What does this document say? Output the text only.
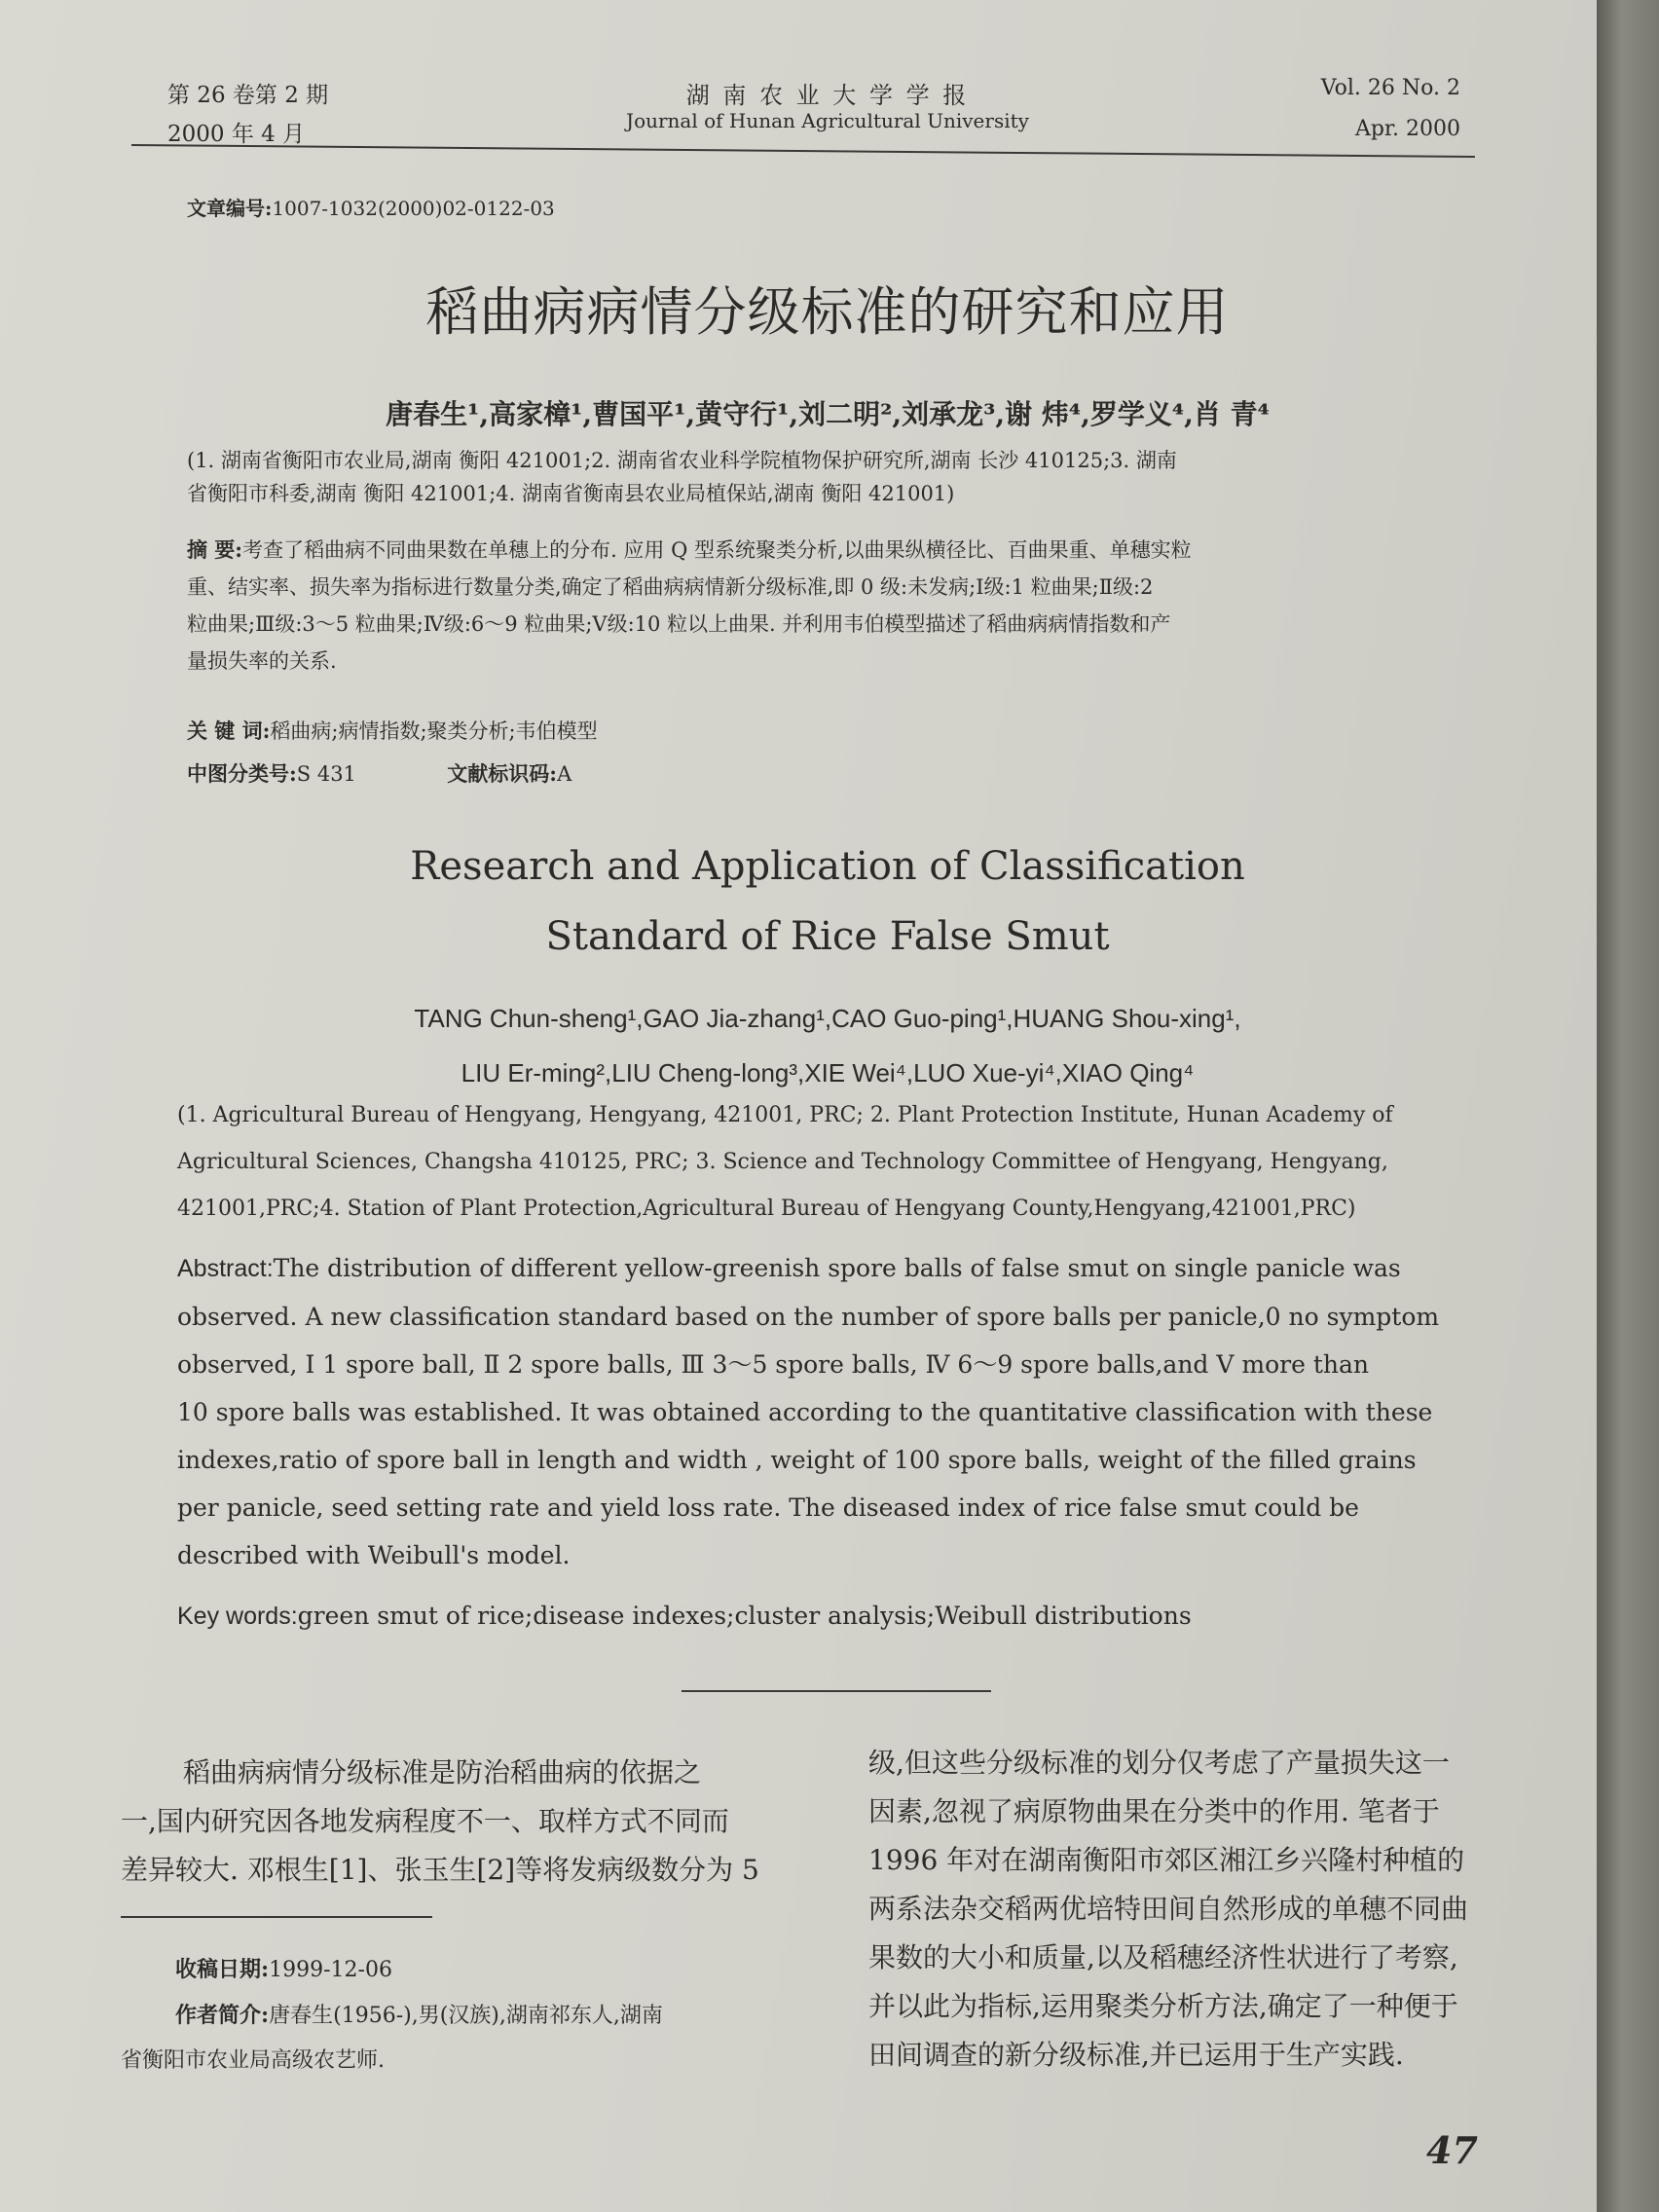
第 26 卷第 2 期
2000 年 4 月
湖 南 农 业 大 学 学 报
Journal of Hunan Agricultural University
Vol. 26 No. 2
Apr. 2000
文章编号:1007-1032(2000)02-0122-03
稻曲病病情分级标准的研究和应用
唐春生¹,高家樟¹,曹国平¹,黄守行¹,刘二明²,刘承龙³,谢 炜⁴,罗学义⁴,肖 青⁴
(1. 湖南省衡阳市农业局,湖南 衡阳 421001;2. 湖南省农业科学院植物保护研究所,湖南 长沙 410125;3. 湖南
省衡阳市科委,湖南 衡阳 421001;4. 湖南省衡南县农业局植保站,湖南 衡阳 421001)
摘 要:考查了稻曲病不同曲果数在单穗上的分布. 应用 Q 型系统聚类分析,以曲果纵横径比、百曲果重、单穗实粒
重、结实率、损失率为指标进行数量分类,确定了稻曲病病情新分级标准,即 0 级:未发病;Ⅰ级:1 粒曲果;Ⅱ级:2
粒曲果;Ⅲ级:3～5 粒曲果;Ⅳ级:6～9 粒曲果;Ⅴ级:10 粒以上曲果. 并利用韦伯模型描述了稻曲病病情指数和产
量损失率的关系.
关 键 词:稻曲病;病情指数;聚类分析;韦伯模型
中图分类号:S 431	文献标识码:A
Research and Application of Classification
Standard of Rice False Smut
TANG Chun-sheng¹,GAO Jia-zhang¹,CAO Guo-ping¹,HUANG Shou-xing¹,
LIU Er-ming²,LIU Cheng-long³,XIE Wei⁴,LUO Xue-yi⁴,XIAO Qing⁴
(1. Agricultural Bureau of Hengyang, Hengyang, 421001, PRC; 2. Plant Protection Institute, Hunan Academy of
Agricultural Sciences, Changsha 410125, PRC; 3. Science and Technology Committee of Hengyang, Hengyang,
421001,PRC;4. Station of Plant Protection,Agricultural Bureau of Hengyang County,Hengyang,421001,PRC)
Abstract:The distribution of different yellow-greenish spore balls of false smut on single panicle was
observed. A new classification standard based on the number of spore balls per panicle,0 no symptom
observed, Ⅰ 1 spore ball, Ⅱ 2 spore balls, Ⅲ 3～5 spore balls, Ⅳ 6～9 spore balls,and Ⅴ more than
10 spore balls was established. It was obtained according to the quantitative classification with these
indexes,ratio of spore ball in length and width , weight of 100 spore balls, weight of the filled grains
per panicle, seed setting rate and yield loss rate. The diseased index of rice false smut could be
described with Weibull's model.
Key words:green smut of rice;disease indexes;cluster analysis;Weibull distributions
稻曲病病情分级标准是防治稻曲病的依据之
一,国内研究因各地发病程度不一、取样方式不同而
差异较大. 邓根生[1]、张玉生[2]等将发病级数分为 5
级,但这些分级标准的划分仅考虑了产量损失这一
因素,忽视了病原物曲果在分类中的作用. 笔者于
1996 年对在湖南衡阳市郊区湘江乡兴隆村种植的
两系法杂交稻两优培特田间自然形成的单穗不同曲
果数的大小和质量,以及稻穗经济性状进行了考察,
并以此为指标,运用聚类分析方法,确定了一种便于
田间调查的新分级标准,并已运用于生产实践.
收稿日期:1999-12-06
作者简介:唐春生(1956-),男(汉族),湖南祁东人,湖南
省衡阳市农业局高级农艺师.
47
